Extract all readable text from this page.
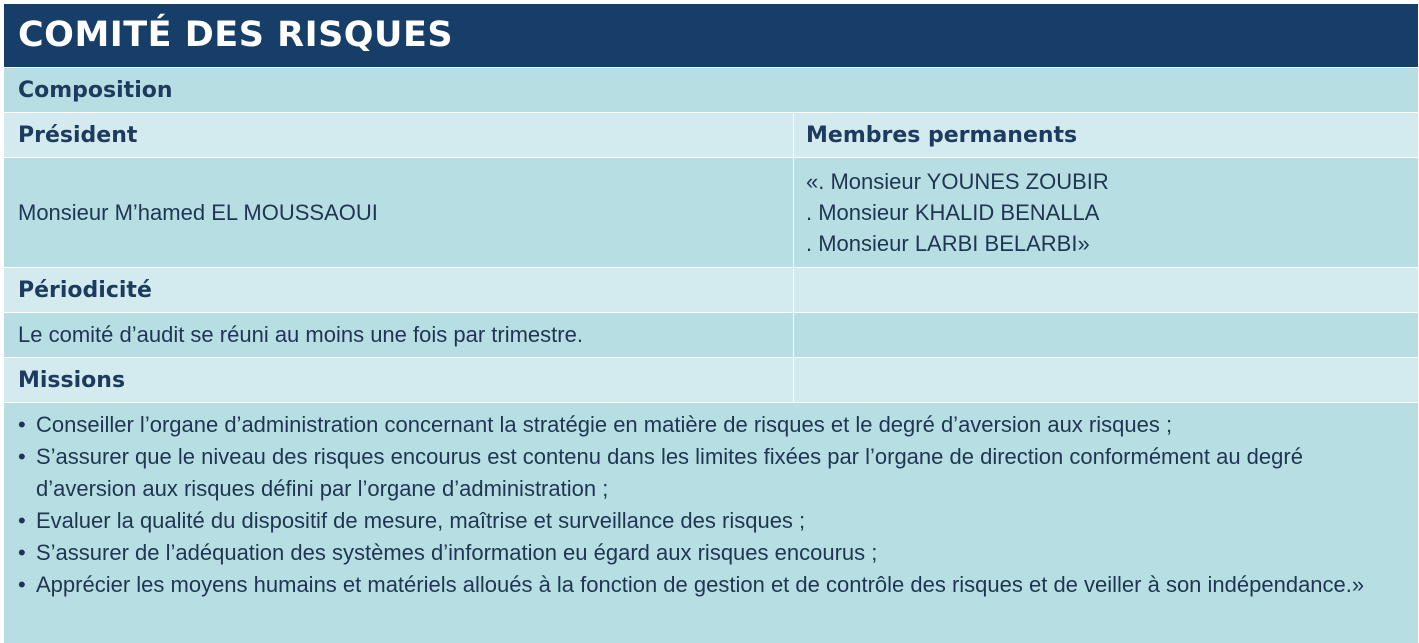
COMITÉ DES RISQUES
Composition
Président	Membres permanents
Monsieur M’hamed EL MOUSSAOUI
«. Monsieur YOUNES ZOUBIR
. Monsieur KHALID BENALLA
. Monsieur LARBI BELARBI»
Périodicité
Le comité d’audit se réuni au moins une fois par trimestre.
Missions
• Conseiller l’organe d’administration concernant la stratégie en matière de risques et le degré d’aversion aux risques ;
• S’assurer que le niveau des risques encourus est contenu dans les limites fixées par l’organe de direction conformément au degré d’aversion aux risques défini par l’organe d’administration ;
• Evaluer la qualité du dispositif de mesure, maîtrise et surveillance des risques ;
• S’assurer de l’adéquation des systèmes d’information eu égard aux risques encourus ;
• Apprécier les moyens humains et matériels alloués à la fonction de gestion et de contrôle des risques et de veiller à son indépendance.»
